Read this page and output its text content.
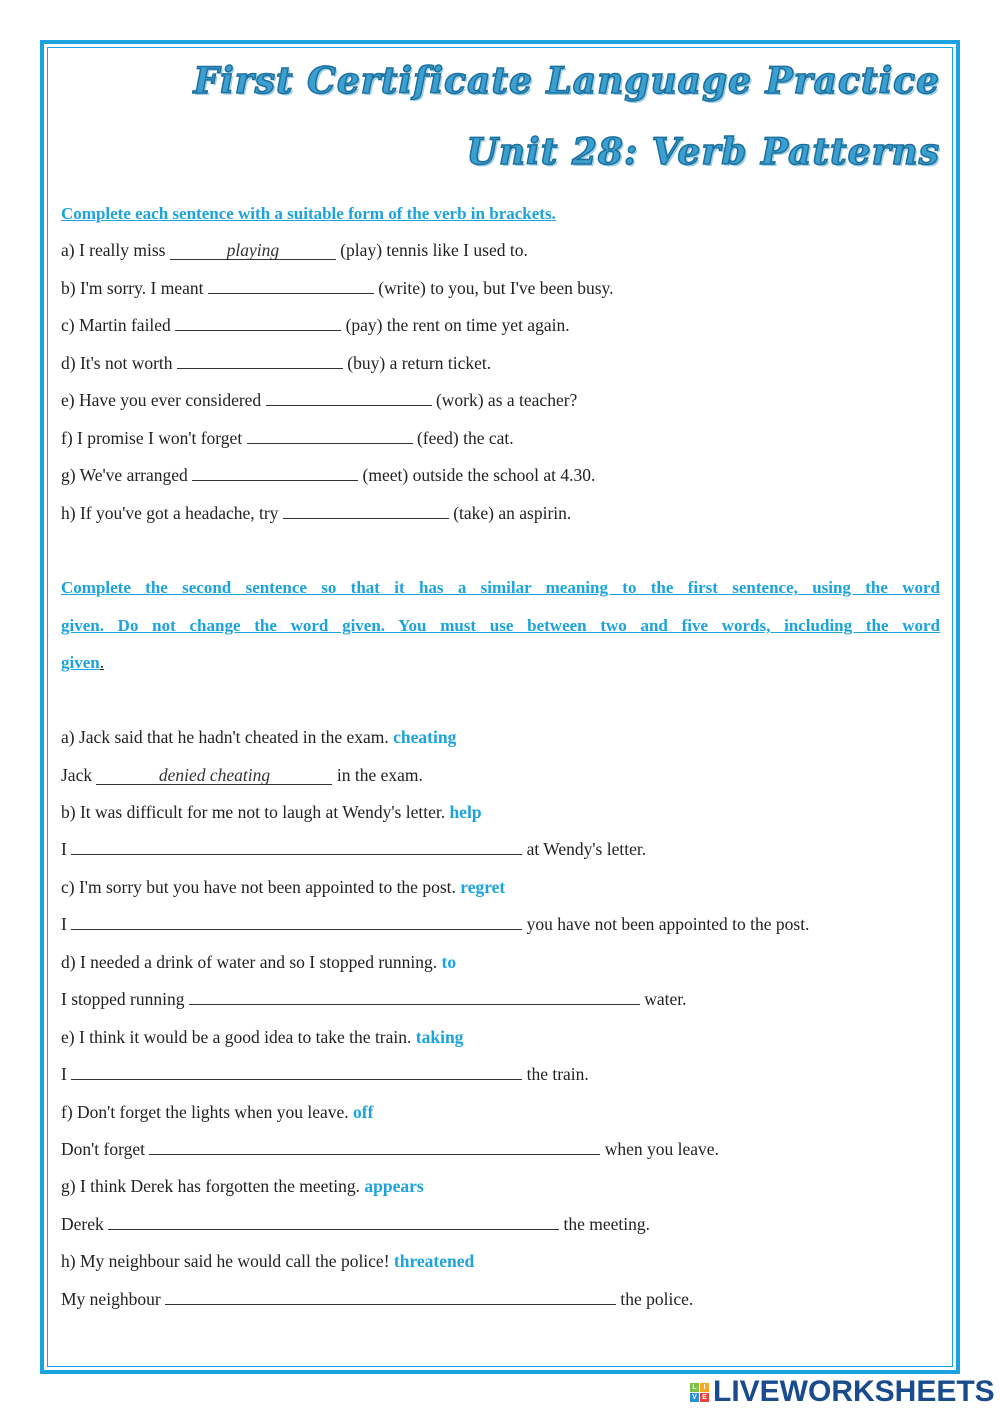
First Certificate Language Practice
Unit 28: Verb Patterns
Complete each sentence with a suitable form of the verb in brackets.
a) I really miss	playing	(play) tennis like I used to.
b) I'm sorry. I meant	(write) to you, but I've been busy.
c) Martin failed	(pay) the rent on time yet again.
d) It's not worth	(buy) a return ticket.
e) Have you ever considered	(work) as a teacher?
f) I promise I won't forget	(feed) the cat.
g) We've arranged	(meet) outside the school at 4.30.
h) If you've got a headache, try	(take) an aspirin.
Complete the second sentence so that it has a similar meaning to the first sentence, using the word
given. Do not change the word given. You must use between two and five words, including the word
given.
a) Jack said that he hadn't cheated in the exam. cheating
Jack	denied cheating	in the exam.
b) It was difficult for me not to laugh at Wendy's letter. help
I	at Wendy's letter.
c) I'm sorry but you have not been appointed to the post. regret
I	you have not been appointed to the post.
d) I needed a drink of water and so I stopped running. to
I stopped running	water.
e) I think it would be a good idea to take the train. taking
I	the train.
f) Don't forget the lights when you leave. off
Don't forget	when you leave.
g) I think Derek has forgotten the meeting. appears
Derek	the meeting.
h) My neighbour said he would call the police! threatened
My neighbour	the police.
L I
V E LIVEWORKSHEETS
